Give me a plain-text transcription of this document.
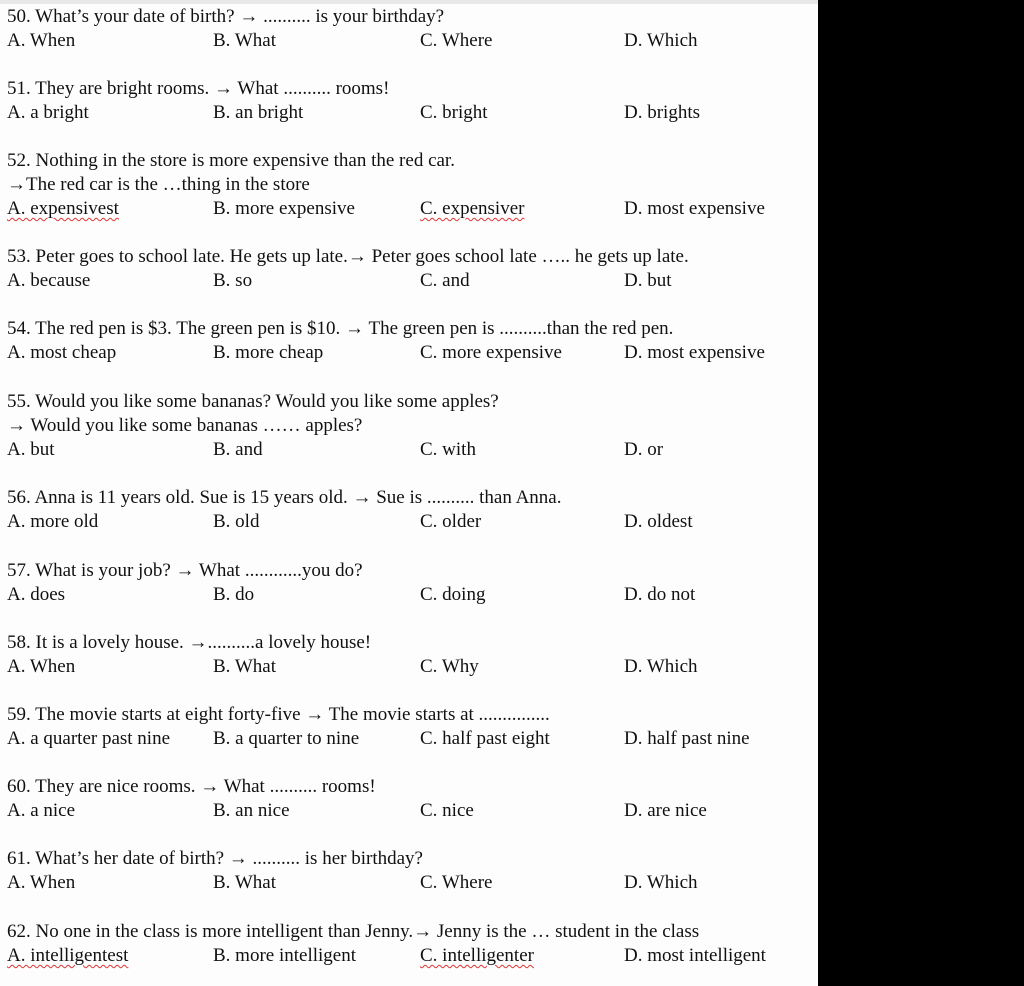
50. What’s your date of birth? → .......... is your birthday?
A. When	B. What	C. Where	D. Which
51. They are bright rooms. → What .......... rooms!
A. a bright	B. an bright	C. bright	D. brights
52. Nothing in the store is more expensive than the red car.
→The red car is the …thing in the store
A. expensivest	B. more expensive	C. expensiver	D. most expensive
53. Peter goes to school late. He gets up late.→ Peter goes school late ….. he gets up late.
A. because	B. so	C. and	D. but
54. The red pen is $3. The green pen is $10. → The green pen is ..........than the red pen.
A. most cheap	B. more cheap	C. more expensive	D. most expensive
55. Would you like some bananas? Would you like some apples?
→ Would you like some bananas …… apples?
A. but	B. and	C. with	D. or
56. Anna is 11 years old. Sue is 15 years old. → Sue is .......... than Anna.
A. more old	B. old	C. older	D. oldest
57. What is your job? → What ............you do?
A. does	B. do	C. doing	D. do not
58. It is a lovely house. →..........a lovely house!
A. When	B. What	C. Why	D. Which
59. The movie starts at eight forty-five → The movie starts at ...............
A. a quarter past nine B. a quarter to nine	C. half past eight	D. half past nine
60. They are nice rooms. → What .......... rooms!
A. a nice	B. an nice	C. nice	D. are nice
61. What’s her date of birth? → .......... is her birthday?
A. When	B. What	C. Where	D. Which
62. No one in the class is more intelligent than Jenny.→ Jenny is the … student in the class
A. intelligentest	B. more intelligent	C. intelligenter	D. most intelligent
